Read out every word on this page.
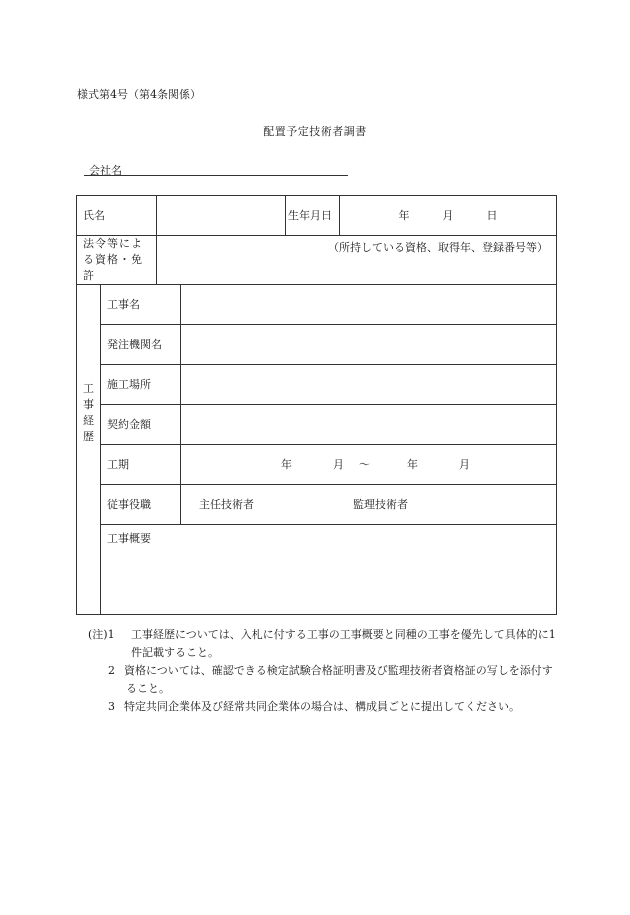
様式第4号（第4条関係）
配置予定技術者調書
会社名
氏名				生年月日	年 月 日
法令等による資格・免許		（所持している資格、取得年、登録番号等）			

工
事
経
歴	工事名				
	発注機関名				
	施工場所				
	契約金額				
	工期		年 月 ～ 年 月		
	従事役職		主任技術者 監理技術者		
	工事概要				
(注)1 工事経歴については、入札に付する工事の工事概要と同種の工事を優先して具体的に1件記載すること。
2 資格については、確認できる検定試験合格証明書及び監理技術者資格証の写しを添付すること。
3 特定共同企業体及び経常共同企業体の場合は、構成員ごとに提出してください。
